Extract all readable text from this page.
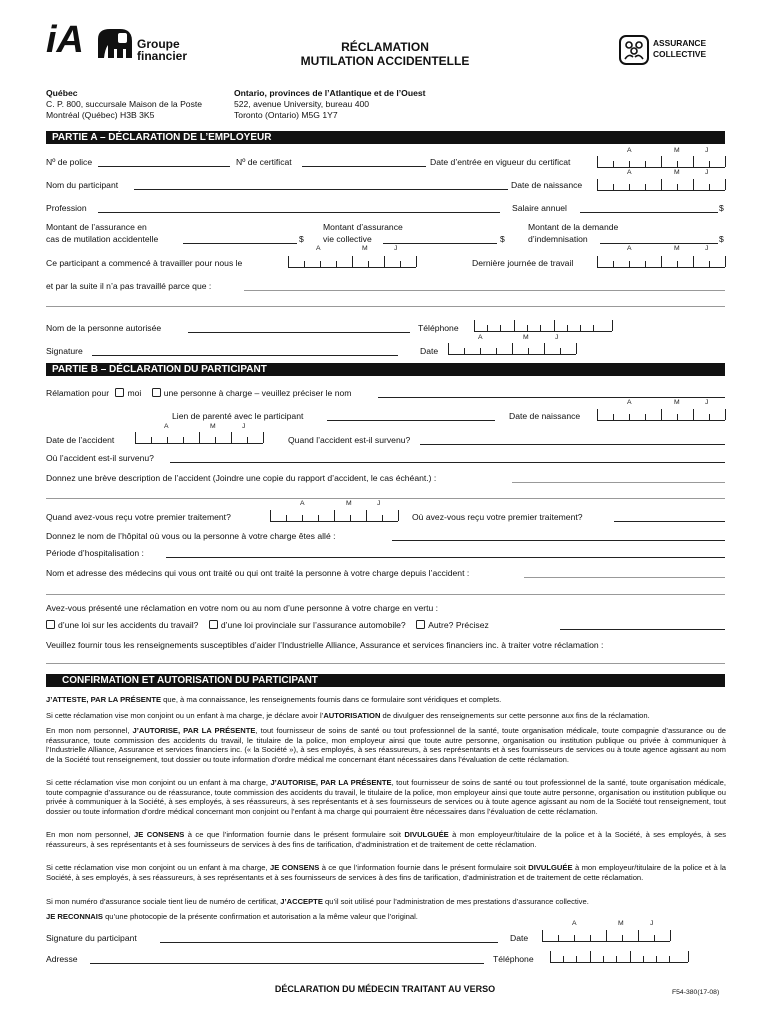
iA	Groupe
financier
RÉCLAMATION
MUTILATION ACCIDENTELLE
ASSURANCE
COLLECTIVE
Québec
C. P. 800, succursale Maison de la Poste
Montréal (Québec) H3B 3K5
Ontario, provinces de l’Atlantique et de l’Ouest
522, avenue University, bureau 400
Toronto (Ontario) M5G 1Y7
PARTIE A – DÉCLARATION DE L’EMPLOYEUR
A	M	J
Nº de police	Nº de certificat	Date d’entrée en vigueur du certificat
A	M	J
Nom du participant	Date de naissance
Profession	Salaire annuel	$
Montant de l’assurance en
cas de mutilation accidentelle	$
Montant d’assurance
vie collective	$
Montant de la demande
d’indemnisation	$
A	M	J	A	M	J
Ce participant a commencé à travailler pour nous le	Dernière journée de travail
et par la suite il n’a pas travaillé parce que :
Nom de la personne autorisée	Téléphone
A	M	J
Signature	Date
PARTIE B – DÉCLARATION DU PARTICIPANT
Rélamation pour moi	une personne à charge – veuillez préciser le nom
A	M	J
Lien de parenté avec le participant	Date de naissance
A	M	J
Date de l’accident	Quand l’accident est-il survenu?
Où l’accident est-il survenu?
Donnez une brève description de l’accident (Joindre une copie du rapport d’accident, le cas échéant.) :
A	M	J
Quand avez-vous reçu votre premier traitement?	Où avez-vous reçu votre premier traitement?
Donnez le nom de l’hôpital où vous ou la personne à votre charge êtes allé :
Période d’hospitalisation :
Nom et adresse des médecins qui vous ont traité ou qui ont traité la personne à votre charge depuis l’accident :
Avez-vous présenté une réclamation en votre nom ou au nom d’une personne à votre charge en vertu :
d’une loi sur les accidents du travail?	d’une loi provinciale sur l’assurance automobile?	Autre? Précisez
Veuillez fournir tous les renseignements susceptibles d’aider l’Industrielle Alliance, Assurance et services financiers inc. à traiter votre réclamation :
CONFIRMATION ET AUTORISATION DU PARTICIPANT
J’ATTESTE, PAR LA PRÉSENTE que, à ma connaissance, les renseignements fournis dans ce formulaire sont véridiques et complets.
Si cette réclamation vise mon conjoint ou un enfant à ma charge, je déclare avoir l’AUTORISATION de divulguer des renseignements sur cette personne aux fins de la réclamation.
En mon nom personnel, J’AUTORISE, PAR LA PRÉSENTE, tout fournisseur de soins de santé ou tout professionnel de la santé, toute organisation médicale, toute compagnie d’assurance ou de réassurance, toute commission des accidents du travail, le titulaire de la police, mon employeur ainsi que toute autre personne, organisation ou institution publique ou privée à communiquer à l’Industrielle Alliance, Assurance et services financiers inc. (« la Société »), à ses employés, à ses réassureurs, à ses représentants et à ses fournisseurs de services ou à toute agence agissant au nom de la Société tout renseignement, tout dossier ou toute information d’ordre médical me concernant étant nécessaires dans l’évaluation de cette réclamation.
Si cette réclamation vise mon conjoint ou un enfant à ma charge, J’AUTORISE, PAR LA PRÉSENTE, tout fournisseur de soins de santé ou tout professionnel de la santé, toute organisation médicale, toute compagnie d’assurance ou de réassurance, toute commission des accidents du travail, le titulaire de la police, mon employeur ainsi que toute autre personne, organisation ou institution publique ou privée à communiquer à la Société, à ses employés, à ses réassureurs, à ses représentants et à ses fournisseurs de services ou à toute agence agissant au nom de la Société tout renseignement, tout dossier ou toute information d’ordre médical concernant mon conjoint ou l’enfant à ma charge qui pourraient être nécessaires dans l’évaluation de cette réclamation.
En mon nom personnel, JE CONSENS à ce que l’information fournie dans le présent formulaire soit DIVULGUÉE à mon employeur/titulaire de la police et à la Société, à ses employés, à ses réassureurs, à ses représentants et à ses fournisseurs de services à des fins de tarification, d’administration et de traitement de cette réclamation.
Si cette réclamation vise mon conjoint ou un enfant à ma charge, JE CONSENS à ce que l’information fournie dans le présent formulaire soit DIVULGUÉE à mon employeur/titulaire de la police et à la Société, à ses employés, à ses réassureurs, à ses représentants et à ses fournisseurs de services à des fins de tarification, d’administration et de traitement de cette réclamation.
Si mon numéro d’assurance sociale tient lieu de numéro de certificat, J’ACCEPTE qu’il soit utilisé pour l’administration de mes prestations d’assurance collective.
JE RECONNAIS qu’une photocopie de la présente confirmation et autorisation a la même valeur que l’original.
A	M	J
Signature du participant	Date
Adresse	Téléphone
DÉCLARATION DU MÉDECIN TRAITANT AU VERSO	F54-380(17-08)
